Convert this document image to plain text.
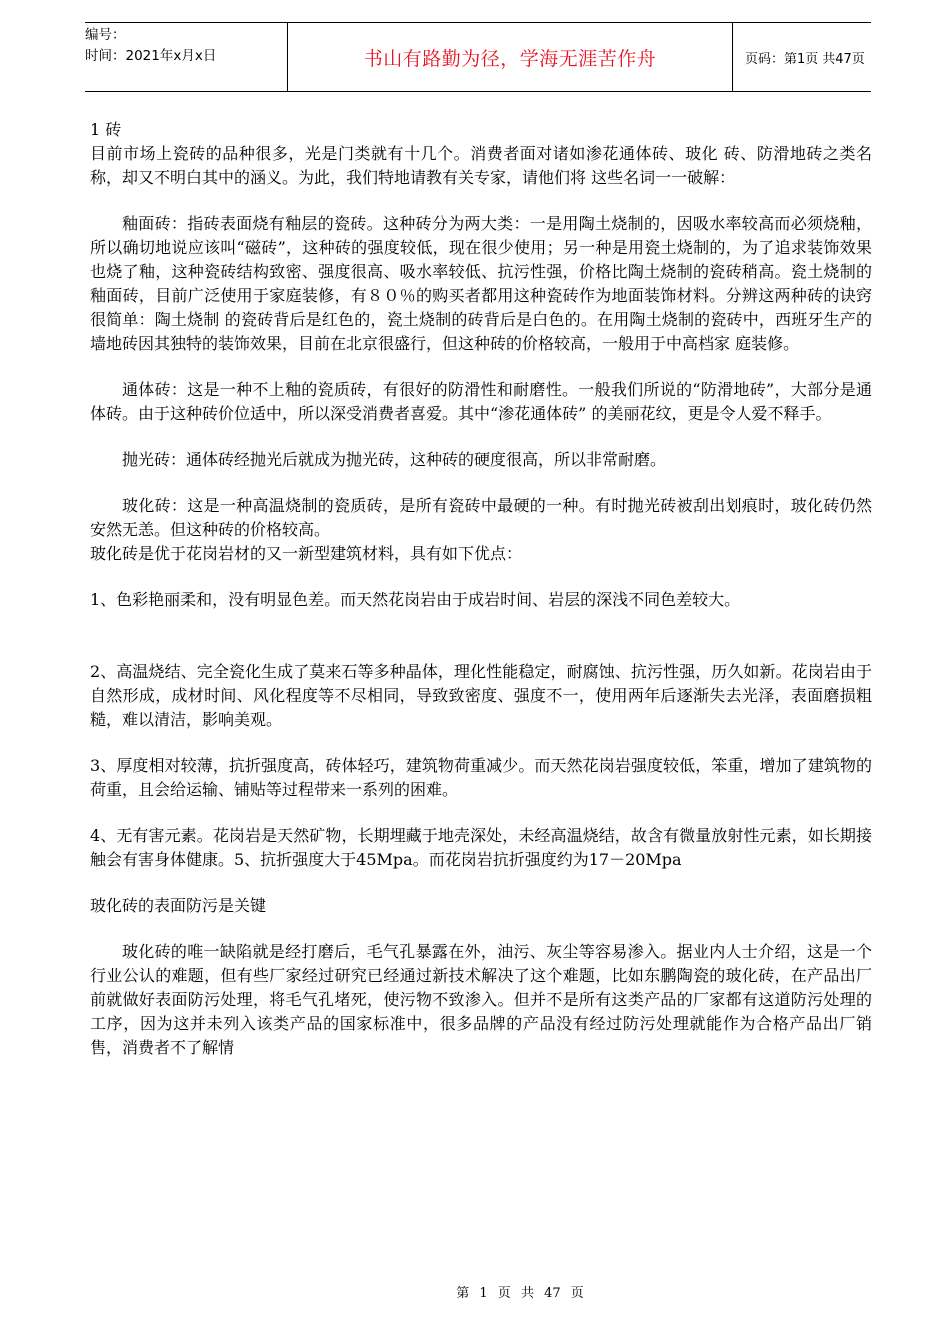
编号：
时间：2021年x月x日	书山有路勤为径，学海无涯苦作舟	页码：第1页 共47页

1 砖

目前市场上瓷砖的品种很多，光是门类就有十几个。消费者面对诸如渗花通体砖、玻化 砖、防滑地砖之类名称，却又不明白其中的涵义。为此，我们特地请教有关专家，请他们将 这些名词一一破解：

釉面砖：指砖表面烧有釉层的瓷砖。这种砖分为两大类：一是用陶土烧制的，因吸水率较高而必须烧釉，所以确切地说应该叫“磁砖”，这种砖的强度较低，现在很少使用；另一种是用瓷土烧制的，为了追求装饰效果也烧了釉，这种瓷砖结构致密、强度很高、吸水率较低、抗污性强，价格比陶土烧制的瓷砖稍高。瓷土烧制的釉面砖，目前广泛使用于家庭装修，有８０％的购买者都用这种瓷砖作为地面装饰材料。分辨这两种砖的诀窍很简单：陶土烧制 的瓷砖背后是红色的，瓷土烧制的砖背后是白色的。在用陶土烧制的瓷砖中，西班牙生产的 墙地砖因其独特的装饰效果，目前在北京很盛行，但这种砖的价格较高，一般用于中高档家 庭装修。

通体砖：这是一种不上釉的瓷质砖，有很好的防滑性和耐磨性。一般我们所说的“防滑地砖”，大部分是通体砖。由于这种砖价位适中，所以深受消费者喜爱。其中“渗花通体砖” 的美丽花纹，更是令人爱不释手。

抛光砖：通体砖经抛光后就成为抛光砖，这种砖的硬度很高，所以非常耐磨。

玻化砖：这是一种高温烧制的瓷质砖，是所有瓷砖中最硬的一种。有时抛光砖被刮出划痕时，玻化砖仍然安然无恙。但这种砖的价格较高。

玻化砖是优于花岗岩材的又一新型建筑材料，具有如下优点：

1、色彩艳丽柔和，没有明显色差。而天然花岗岩由于成岩时间、岩层的深浅不同色差较大。

2、高温烧结、完全瓷化生成了莫来石等多种晶体，理化性能稳定，耐腐蚀、抗污性强，历久如新。花岗岩由于自然形成，成材时间、风化程度等不尽相同，导致致密度、强度不一，使用两年后逐渐失去光泽，表面磨损粗糙，难以清洁，影响美观。

3、厚度相对较薄，抗折强度高，砖体轻巧，建筑物荷重减少。而天然花岗岩强度较低，笨重，增加了建筑物的荷重，且会给运输、铺贴等过程带来一系列的困难。

4、无有害元素。花岗岩是天然矿物，长期埋藏于地壳深处，未经高温烧结，故含有微量放射性元素，如长期接触会有害身体健康。5、抗折强度大于45Mpa。而花岗岩抗折强度约为17－20Mpa

玻化砖的表面防污是关键

玻化砖的唯一缺陷就是经打磨后，毛气孔暴露在外，油污、灰尘等容易渗入。据业内人士介绍，这是一个行业公认的难题，但有些厂家经过研究已经通过新技术解决了这个难题，比如东鹏陶瓷的玻化砖，在产品出厂前就做好表面防污处理，将毛气孔堵死，使污物不致渗入。但并不是所有这类产品的厂家都有这道防污处理的工序，因为这并未列入该类产品的国家标准中，很多品牌的产品没有经过防污处理就能作为合格产品出厂销售，消费者不了解情

第 1 页 共 47 页
